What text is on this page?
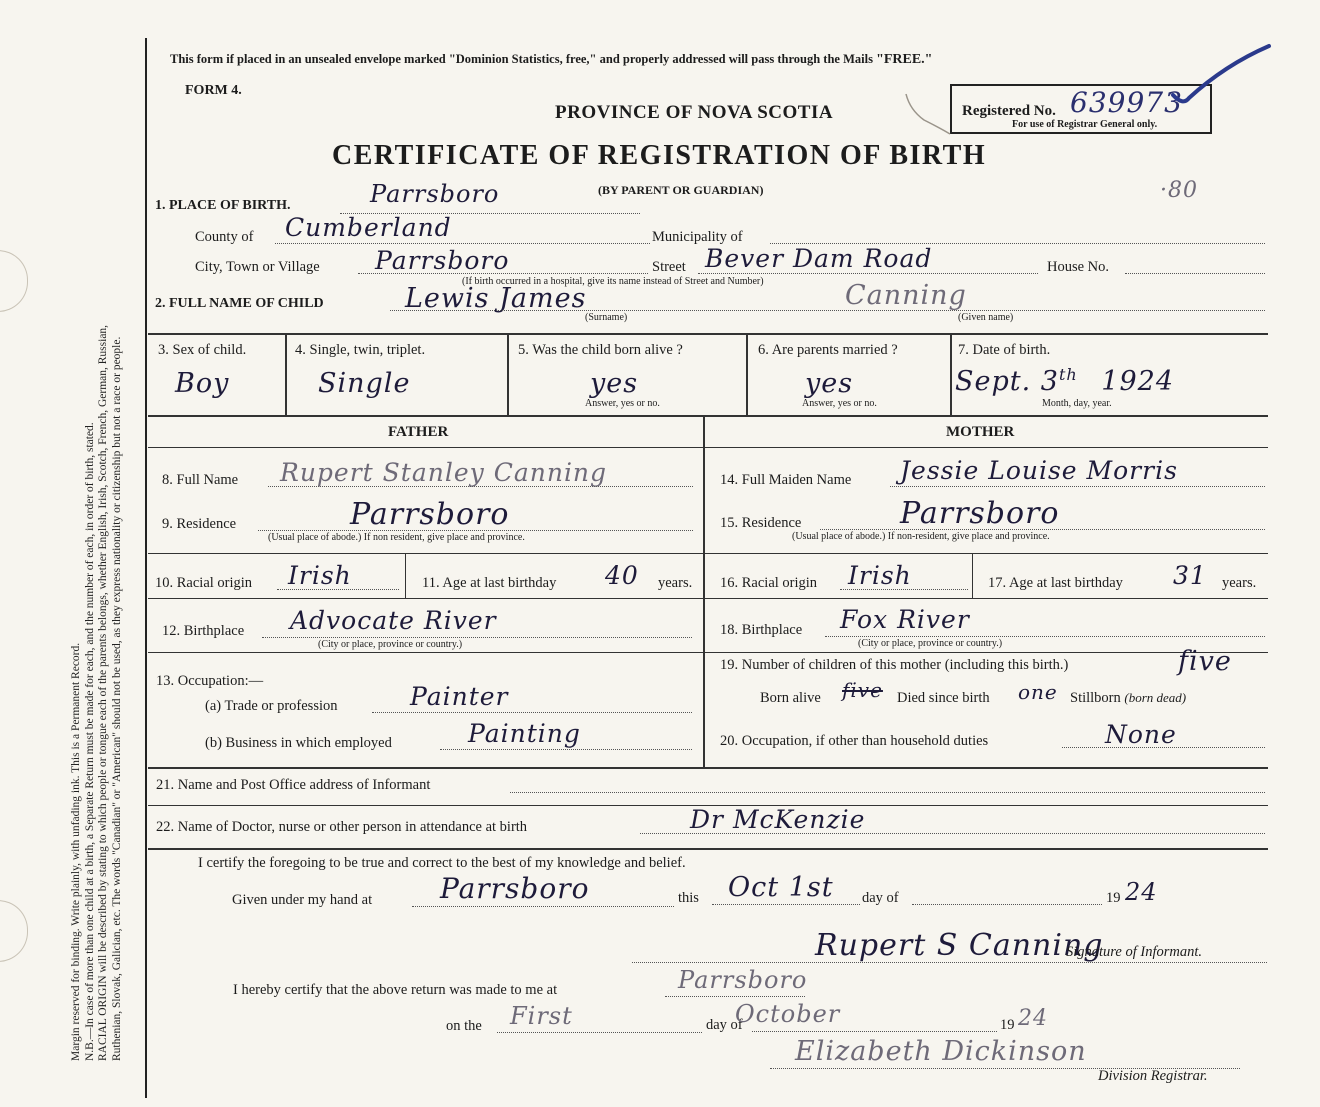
Margin reserved for binding. Write plainly, with unfading ink. This is a Permanent Record. N.B.—In case of more than one child at a birth, a Separate Return must be made for each, and the number of each, in order of birth, stated. RACIAL ORIGIN will be described by stating to which people or tongue each of the parents belongs, whether English, Irish, Scotch, French, German, Russian, Ruthenian, Slovak, Galician, etc. The words "Canadian" or "American" should not be used, as they express nationality or citizenship but not a race or people.
This form if placed in an unsealed envelope marked "Dominion Statistics, free," and properly addressed will pass through the Mails "FREE."
FORM 4.
PROVINCE OF NOVA SCOTIA
CERTIFICATE OF REGISTRATION OF BIRTH
(BY PARENT OR GUARDIAN)
Registered No. 639973
For use of Registrar General only.
·80
1. PLACE OF BIRTH.	Parrsboro
County of Cumberland	Municipality of
City, Town or Village Parrsboro	Street Bever Dam Road	House No.
(If birth occurred in a hospital, give its name instead of Street and Number)
2. FULL NAME OF CHILD	Lewis James	Canning
(Surname)	(Given name)
3. Sex of child.
Boy
4. Single, twin, triplet.
Single
5. Was the child born alive ?
yes
Answer, yes or no.
6. Are parents married ?
yes
Answer, yes or no.
7. Date of birth.
Sept. 3th 1924
Month, day, year.
FATHER	MOTHER
8. Full Name Rupert Stanley Canning	14. Full Maiden Name Jessie Louise Morris
9. Residence	Parrsboro
(Usual place of abode.) If non resident, give place and province.
15. Residence	Parrsboro
(Usual place of abode.) If non-resident, give place and province.
10. Racial origin Irish	11. Age at last birthday 40 years. 16. Racial origin Irish	17. Age at last birthday 31 years.
12. Birthplace Advocate River
(City or place, province or country.)
18. Birthplace Fox River
(City or place, province or country.)
13. Occupation:—
(a) Trade or profession	Painter
(b) Business in which employed	Painting
19. Number of children of this mother (including this birth.)	five
Born alive five Died since birth one Stillborn (born dead)
20. Occupation, if other than household duties	None
21. Name and Post Office address of Informant
22. Name of Doctor, nurse or other person in attendance at birth	Dr McKenzie
I certify the foregoing to be true and correct to the best of my knowledge and belief.
Given under my hand at Parrsboro	this Oct 1st day of	19 24
Rupert S Canning
Signature of Informant.
I hereby certify that the above return was made to me at	Parrsboro
on the First	day of
October	19 24
Elizabeth Dickinson
Division Registrar.
